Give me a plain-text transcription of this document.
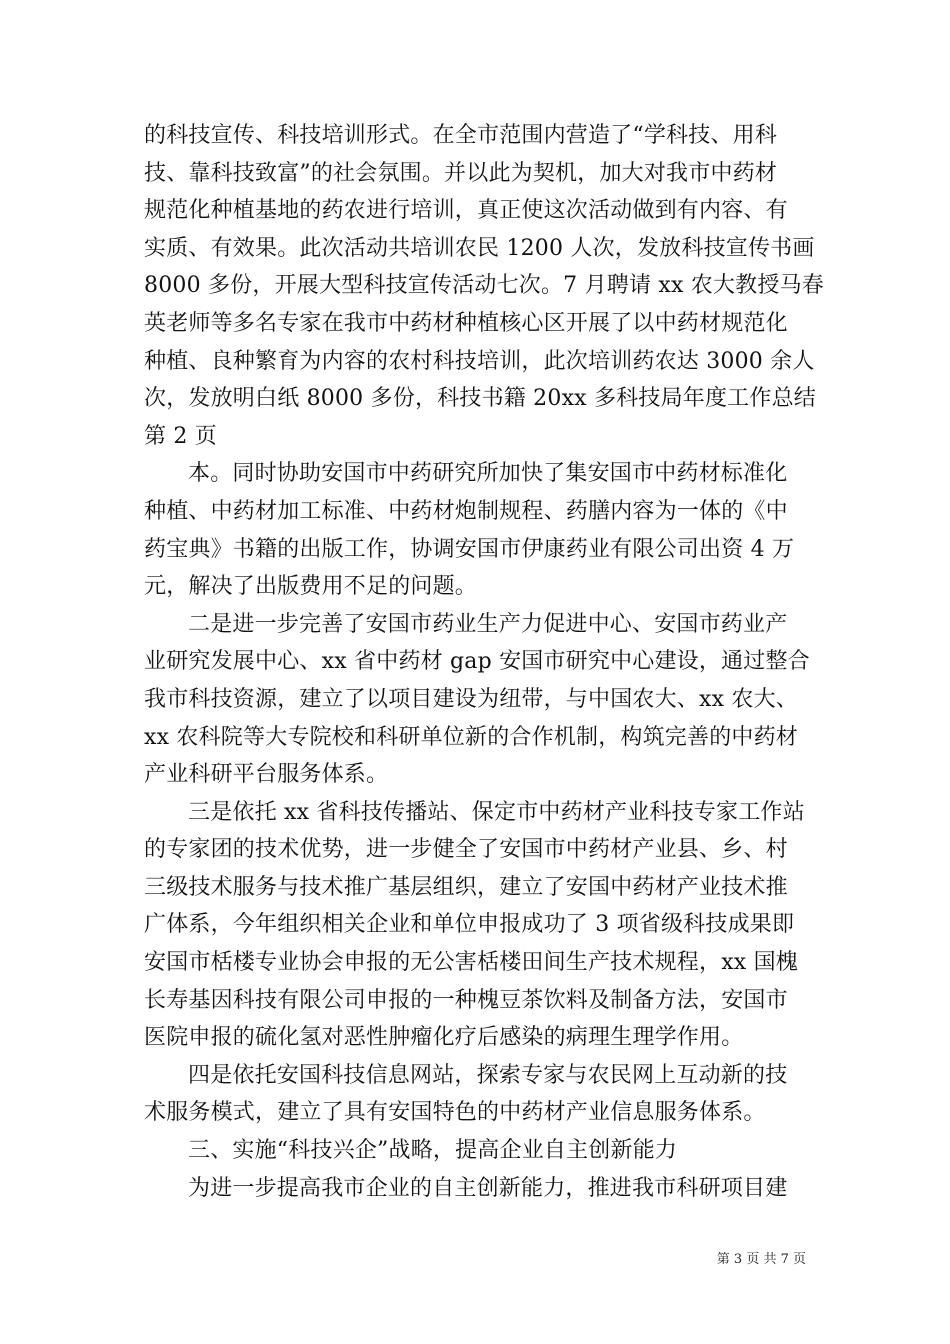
的科技宣传、科技培训形式。在全市范围内营造了“学科技、用科
技、靠科技致富”的社会氛围。并以此为契机，加大对我市中药材
规范化种植基地的药农进行培训，真正使这次活动做到有内容、有
实质、有效果。此次活动共培训农民 1200 人次，发放科技宣传书画
8000 多份，开展大型科技宣传活动七次。7 月聘请 xx 农大教授马春
英老师等多名专家在我市中药材种植核心区开展了以中药材规范化
种植、良种繁育为内容的农村科技培训，此次培训药农达 3000 余人
次，发放明白纸 8000 多份，科技书籍 20xx 多科技局年度工作总结
第 2 页

本。同时协助安国市中药研究所加快了集安国市中药材标准化
种植、中药材加工标准、中药材炮制规程、药膳内容为一体的《中
药宝典》书籍的出版工作，协调安国市伊康药业有限公司出资 4 万
元，解决了出版费用不足的问题。

二是进一步完善了安国市药业生产力促进中心、安国市药业产
业研究发展中心、xx 省中药材 gap 安国市研究中心建设，通过整合
我市科技资源，建立了以项目建设为纽带，与中国农大、xx 农大、
xx 农科院等大专院校和科研单位新的合作机制，构筑完善的中药材
产业科研平台服务体系。

三是依托 xx 省科技传播站、保定市中药材产业科技专家工作站
的专家团的技术优势，进一步健全了安国市中药材产业县、乡、村
三级技术服务与技术推广基层组织，建立了安国中药材产业技术推
广体系，今年组织相关企业和单位申报成功了 3 项省级科技成果即
安国市栝楼专业协会申报的无公害栝楼田间生产技术规程，xx 国槐
长寿基因科技有限公司申报的一种槐豆茶饮料及制备方法，安国市
医院申报的硫化氢对恶性肿瘤化疗后感染的病理生理学作用。

四是依托安国科技信息网站，探索专家与农民网上互动新的技
术服务模式，建立了具有安国特色的中药材产业信息服务体系。

三、实施“科技兴企”战略，提高企业自主创新能力

为进一步提高我市企业的自主创新能力，推进我市科研项目建

第 3 页 共 7 页
